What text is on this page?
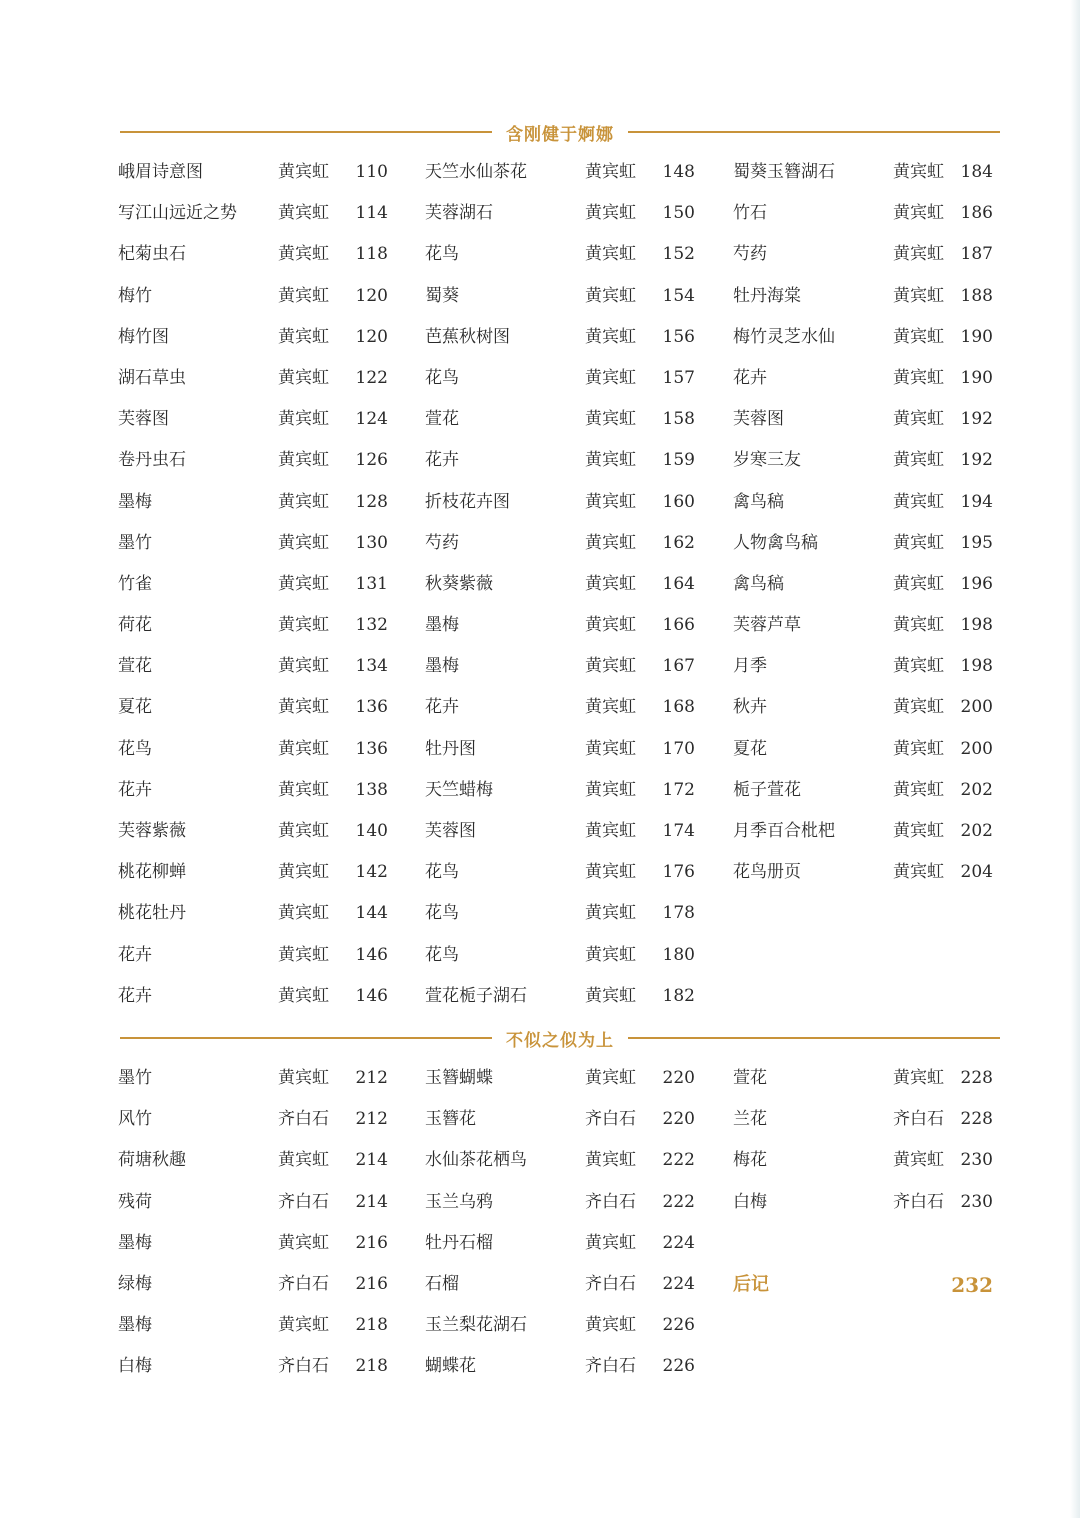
含刚健于婀娜
峨眉诗意图	黄宾虹 110
写江山远近之势 黄宾虹 114
杞菊虫石	黄宾虹 118
梅竹	黄宾虹 120
梅竹图	黄宾虹 120
湖石草虫	黄宾虹 122
芙蓉图	黄宾虹 124
卷丹虫石	黄宾虹 126
墨梅	黄宾虹 128
墨竹	黄宾虹 130
竹雀	黄宾虹 131
荷花	黄宾虹 132
萱花	黄宾虹 134
夏花	黄宾虹 136
花鸟	黄宾虹 136
花卉	黄宾虹 138
芙蓉紫薇	黄宾虹 140
桃花柳蝉	黄宾虹 142
桃花牡丹	黄宾虹 144
花卉	黄宾虹 146
花卉	黄宾虹 146
天竺水仙茶花	黄宾虹 148
芙蓉湖石	黄宾虹 150
花鸟	黄宾虹 152
蜀葵	黄宾虹 154
芭蕉秋树图	黄宾虹 156
花鸟	黄宾虹 157
萱花	黄宾虹 158
花卉	黄宾虹 159
折枝花卉图	黄宾虹 160
芍药	黄宾虹 162
秋葵紫薇	黄宾虹 164
墨梅	黄宾虹 166
墨梅	黄宾虹 167
花卉	黄宾虹 168
牡丹图	黄宾虹 170
天竺蜡梅	黄宾虹 172
芙蓉图	黄宾虹 174
花鸟	黄宾虹 176
花鸟	黄宾虹 178
花鸟	黄宾虹 180
萱花栀子湖石	黄宾虹 182
蜀葵玉簪湖石	黄宾虹 184
竹石	黄宾虹 186
芍药	黄宾虹 187
牡丹海棠	黄宾虹 188
梅竹灵芝水仙	黄宾虹 190
花卉	黄宾虹 190
芙蓉图	黄宾虹 192
岁寒三友	黄宾虹 192
禽鸟稿	黄宾虹 194
人物禽鸟稿	黄宾虹 195
禽鸟稿	黄宾虹 196
芙蓉芦草	黄宾虹 198
月季	黄宾虹 198
秋卉	黄宾虹 200
夏花	黄宾虹 200
栀子萱花	黄宾虹 202
月季百合枇杷	黄宾虹 202
花鸟册页	黄宾虹 204
不似之似为上
墨竹	黄宾虹 212
风竹	齐白石 212
荷塘秋趣	黄宾虹 214
残荷	齐白石 214
墨梅	黄宾虹 216
绿梅	齐白石 216
墨梅	黄宾虹 218
白梅	齐白石 218
玉簪蝴蝶	黄宾虹 220
玉簪花	齐白石 220
水仙茶花栖鸟	黄宾虹 222
玉兰乌鸦	齐白石 222
牡丹石榴	黄宾虹 224
石榴	齐白石 224
玉兰梨花湖石	黄宾虹 226
蝴蝶花	齐白石 226
萱花	黄宾虹 228
兰花	齐白石 228
梅花	黄宾虹 230
白梅	齐白石 230
后记	232
